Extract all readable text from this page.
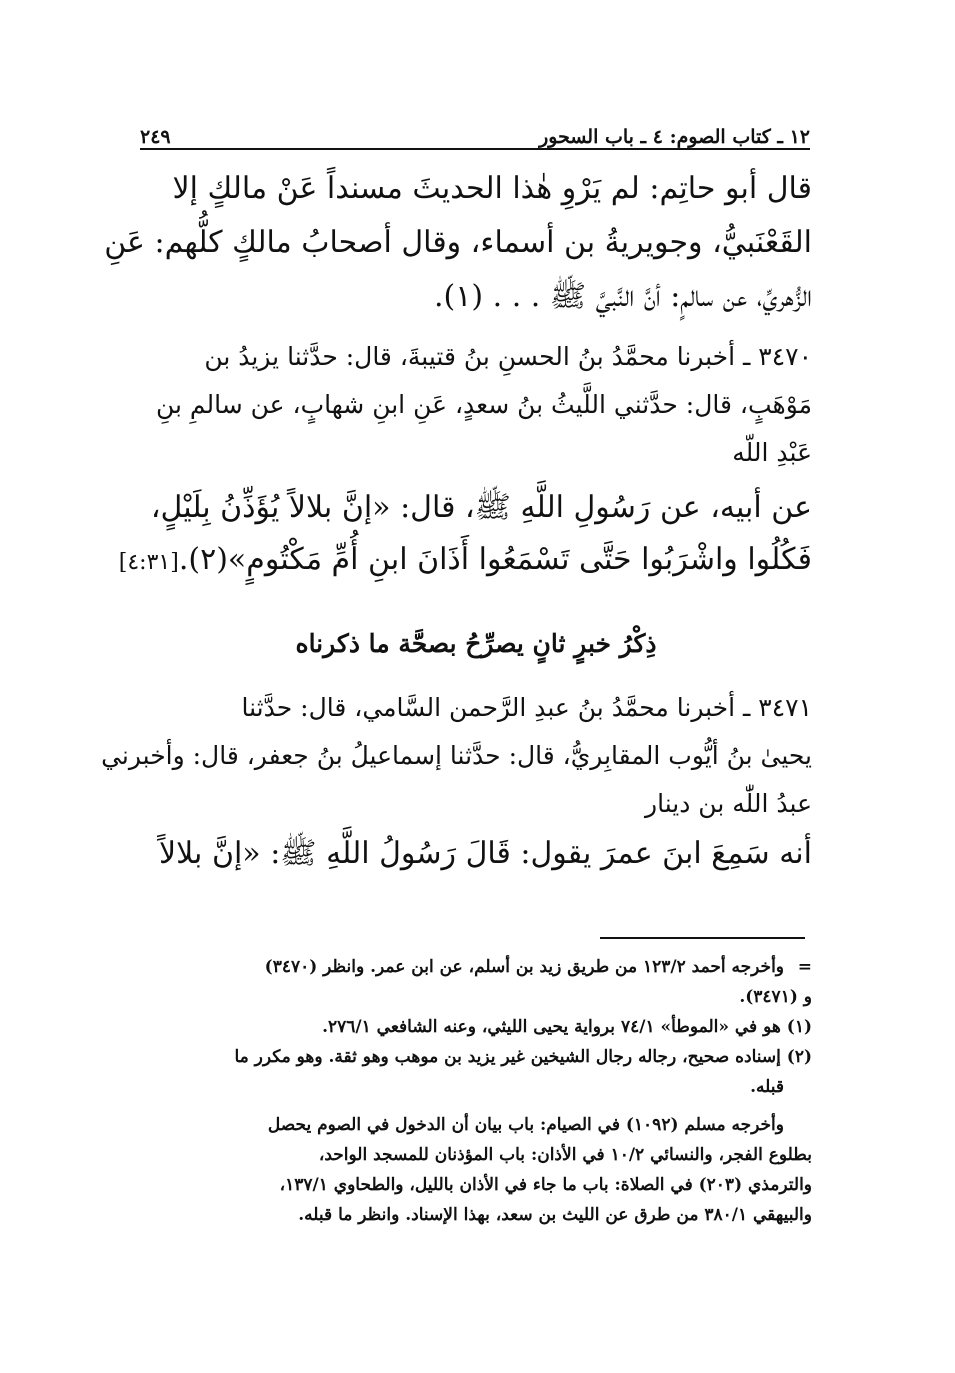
١٢ ـ كتاب الصوم: ٤ ـ باب السحور
٢٤٩
قال أبو حاتِم: لم يَرْوِ هٰذا الحديثَ مسنداً عَنْ مالكٍ إلا
القَعْنَبيُّ، وجويريةُ بن أسماء، وقال أصحابُ مالكٍ كلُّهم: عَنِ
الزُّهريِّ، عن سالمٍ: أنَّ النَّبيَّ ﷺ . . . (١).
٣٤٧٠ ـ أخبرنا محمَّدُ بنُ الحسنِ بنُ قتيبةَ، قال: حدَّثنا يزيدُ بن
مَوْهَبٍ، قال: حدَّثني اللَّيثُ بنُ سعدٍ، عَنِ ابنِ شهابٍ، عن سالمِ بنِ
عَبْدِ اللّه
عن أبيه، عن رَسُولِ اللَّهِ ﷺ، قال: «إنَّ بلالاً يُؤَذِّنُ بِلَيْلٍ،
فَكُلُوا واشْرَبُوا حَتَّى تَسْمَعُوا أَذَانَ ابنِ أُمِّ مَكْتُومٍ»(٢).
[٤:٣١]
ذِكْرُ خبرٍ ثانٍ يصرِّحُ بصحَّة ما ذكرناه
٣٤٧١ ـ أخبرنا محمَّدُ بنُ عبدِ الرَّحمن السَّامي، قال: حدَّثنا
يحيىٰ بنُ أيُّوب المقابِريُّ، قال: حدَّثنا إسماعيلُ بنُ جعفر، قال: وأخبرني
عبدُ اللّٰه بن دينار
أنه سَمِعَ ابنَ عمرَ يقول: قَالَ رَسُولُ اللَّهِ ﷺ: «إنَّ بلالاً
=
وأخرجه أحمد ١٢٣/٢ من طريق زيد بن أسلم، عن ابن عمر. وانظر (٣٤٧٠)
و (٣٤٧١).
(١) هو في «الموطأ» ٧٤/١ برواية يحيى الليثي، وعنه الشافعي ٢٧٦/١.
(٢) إسناده صحيح، رجاله رجال الشيخين غير يزيد بن موهب وهو ثقة. وهو مكرر ما
قبله.
وأخرجه مسلم (١٠٩٢) في الصيام: باب بيان أن الدخول في الصوم يحصل
بطلوع الفجر، والنسائي ١٠/٢ في الأذان: باب المؤذنان للمسجد الواحد،
والترمذي (٢٠٣) في الصلاة: باب ما جاء في الأذان بالليل، والطحاوي ١٣٧/١،
والبيهقي ٣٨٠/١ من طرق عن الليث بن سعد، بهذا الإسناد. وانظر ما قبله.
